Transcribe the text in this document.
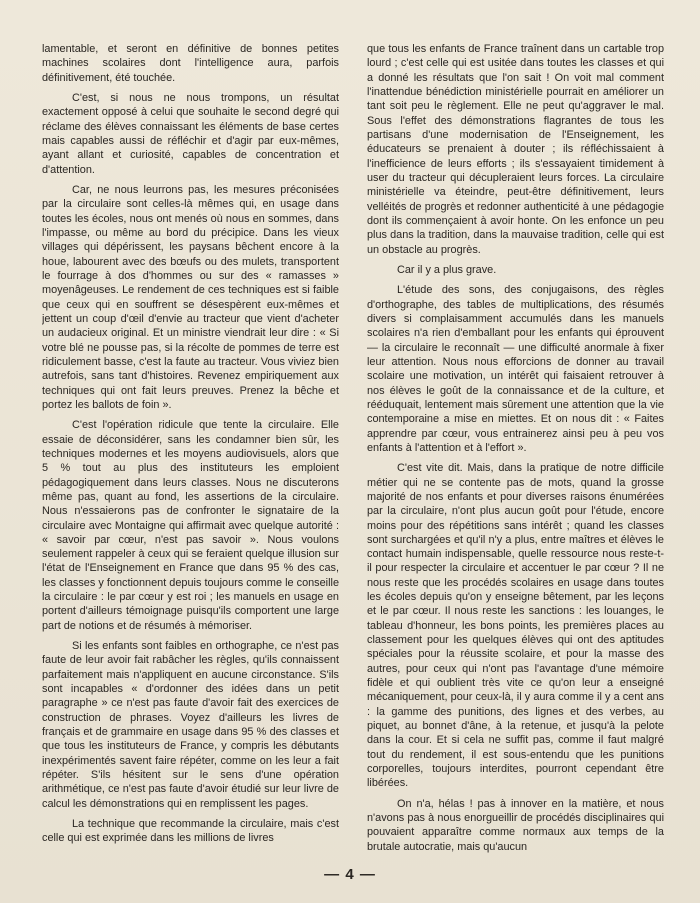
lamentable, et seront en définitive de bonnes petites machines scolaires dont l'intelligence aura, parfois définitivement, été touchée.

C'est, si nous ne nous trompons, un résultat exactement opposé à celui que souhaite le second degré qui réclame des élèves connaissant les éléments de base certes mais capables aussi de réfléchir et d'agir par eux-mêmes, ayant allant et curiosité, capables de concentration et d'attention.

Car, ne nous leurrons pas, les mesures préconisées par la circulaire sont celles-là mêmes qui, en usage dans toutes les écoles, nous ont menés où nous en sommes, dans l'impasse, ou même au bord du précipice. Dans les vieux villages qui dépérissent, les paysans bêchent encore à la houe, labourent avec des bœufs ou des mulets, transportent le fourrage à dos d'hommes ou sur des « ramasses » moyenâgeuses. Le rendement de ces techniques est si faible que ceux qui en souffrent se désespèrent eux-mêmes et jettent un coup d'œil d'envie au tracteur que vient d'acheter un audacieux original. Et un ministre viendrait leur dire : « Si votre blé ne pousse pas, si la récolte de pommes de terre est ridiculement basse, c'est la faute au tracteur. Vous viviez bien autrefois, sans tant d'histoires. Revenez empiriquement aux techniques qui ont fait leurs preuves. Prenez la bêche et portez les ballots de foin ».

C'est l'opération ridicule que tente la circulaire. Elle essaie de déconsidérer, sans les condamner bien sûr, les techniques modernes et les moyens audiovisuels, alors que 5 % tout au plus des instituteurs les emploient pédagogiquement dans leurs classes. Nous ne discuterons même pas, quant au fond, les assertions de la circulaire. Nous n'essaierons pas de confronter le signataire de la circulaire avec Montaigne qui affirmait avec quelque autorité : « savoir par cœur, n'est pas savoir ». Nous voulons seulement rappeler à ceux qui se feraient quelque illusion sur l'état de l'Enseignement en France que dans 95 % des cas, les classes y fonctionnent depuis toujours comme le conseille la circulaire : le par cœur y est roi ; les manuels en usage en portent d'ailleurs témoignage puisqu'ils comportent une large part de notions et de résumés à mémoriser.

Si les enfants sont faibles en orthographe, ce n'est pas faute de leur avoir fait rabâcher les règles, qu'ils connaissent parfaitement mais n'appliquent en aucune circonstance. S'ils sont incapables « d'ordonner des idées dans un petit paragraphe » ce n'est pas faute d'avoir fait des exercices de construction de phrases. Voyez d'ailleurs les livres de français et de grammaire en usage dans 95 % des classes et que tous les instituteurs de France, y compris les débutants inexpérimentés savent faire répéter, comme on les leur a fait répéter. S'ils hésitent sur le sens d'une opération arithmétique, ce n'est pas faute d'avoir étudié sur leur livre de calcul les démonstrations qui en remplissent les pages.

La technique que recommande la circulaire, mais c'est celle qui est exprimée dans les millions de livres

que tous les enfants de France traînent dans un cartable trop lourd ; c'est celle qui est usitée dans toutes les classes et qui a donné les résultats que l'on sait ! On voit mal comment l'inattendue bénédiction ministérielle pourrait en améliorer un tant soit peu le règlement. Elle ne peut qu'aggraver le mal. Sous l'effet des démonstrations flagrantes de tous les partisans d'une modernisation de l'Enseignement, les éducateurs se prenaient à douter ; ils réfléchissaient à l'inefficience de leurs efforts ; ils s'essayaient timidement à user du tracteur qui décupleraient leurs forces. La circulaire ministérielle va éteindre, peut-être définitivement, leurs velléités de progrès et redonner authenticité à une pédagogie dont ils commençaient à avoir honte. On les enfonce un peu plus dans la tradition, dans la mauvaise tradition, celle qui est un obstacle au progrès.

Car il y a plus grave.

L'étude des sons, des conjugaisons, des règles d'orthographe, des tables de multiplications, des résumés divers si complaisamment accumulés dans les manuels scolaires n'a rien d'emballant pour les enfants qui éprouvent — la circulaire le reconnaît — une difficulté anormale à fixer leur attention. Nous nous efforcions de donner au travail scolaire une motivation, un intérêt qui faisaient retrouver à nos élèves le goût de la connaissance et de la culture, et rééduquait, lentement mais sûrement une attention que la vie contemporaine a mise en miettes. Et on nous dit : « Faites apprendre par cœur, vous entrainerez ainsi peu à peu vos enfants à l'attention et à l'effort ».

C'est vite dit. Mais, dans la pratique de notre difficile métier qui ne se contente pas de mots, quand la grosse majorité de nos enfants et pour diverses raisons énumérées par la circulaire, n'ont plus aucun goût pour l'étude, encore moins pour des répétitions sans intérêt ; quand les classes sont surchargées et qu'il n'y a plus, entre maîtres et élèves le contact humain indispensable, quelle ressource nous reste-t-il pour respecter la circulaire et accentuer le par cœur ? Il ne nous reste que les procédés scolaires en usage dans toutes les écoles depuis qu'on y enseigne bêtement, par les leçons et le par cœur. Il nous reste les sanctions : les louanges, le tableau d'honneur, les bons points, les premières places au classement pour les quelques élèves qui ont des aptitudes spéciales pour la réussite scolaire, et pour la masse des autres, pour ceux qui n'ont pas l'avantage d'une mémoire fidèle et qui oublient très vite ce qu'on leur a enseigné mécaniquement, pour ceux-là, il y aura comme il y a cent ans : la gamme des punitions, des lignes et des verbes, au piquet, au bonnet d'âne, à la retenue, et jusqu'à la pelote dans la cour. Et si cela ne suffit pas, comme il faut malgré tout du rendement, il est sous-entendu que les punitions corporelles, toujours interdites, pourront cependant être libérées.

On n'a, hélas ! pas à innover en la matière, et nous n'avons pas à nous enorgueillir de procédés disciplinaires qui pouvaient apparaître comme normaux aux temps de la brutale autocratie, mais qu'aucun

— 4 —
